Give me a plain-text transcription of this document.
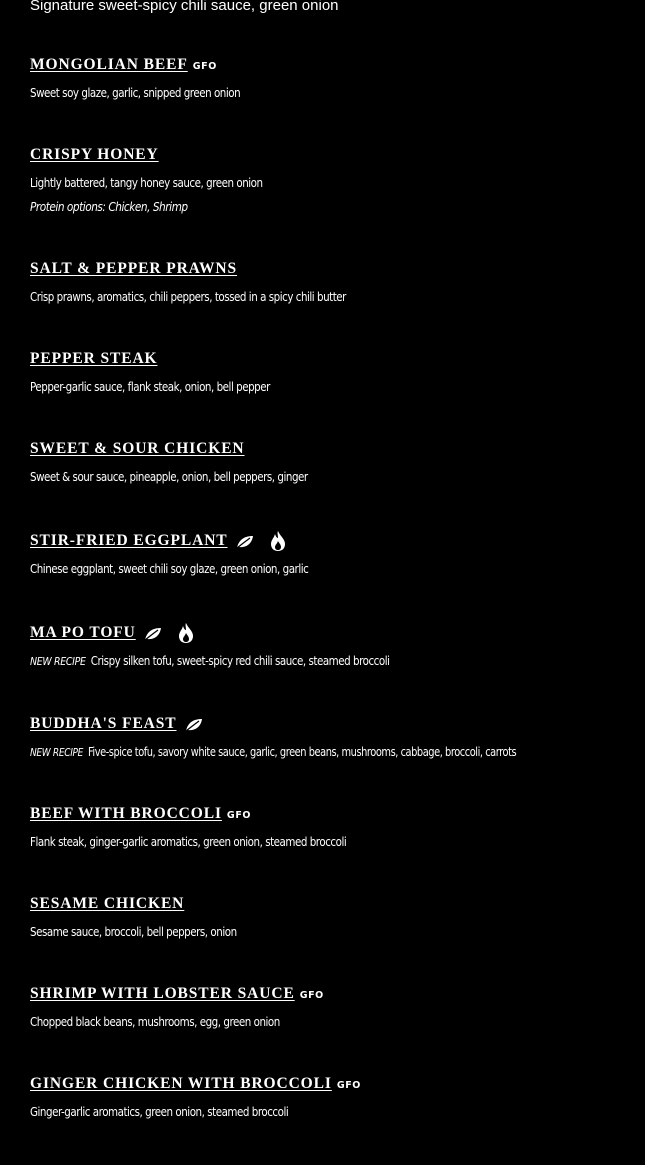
Signature sweet-spicy chili sauce, green onion
MONGOLIAN BEEF GFO
Sweet soy glaze, garlic, snipped green onion
CRISPY HONEY
Lightly battered, tangy honey sauce, green onion
Protein options: Chicken, Shrimp
SALT & PEPPER PRAWNS
Crisp prawns, aromatics, chili peppers, tossed in a spicy chili butter
PEPPER STEAK
Pepper-garlic sauce, flank steak, onion, bell pepper
SWEET & SOUR CHICKEN
Sweet & sour sauce, pineapple, onion, bell peppers, ginger
STIR-FRIED EGGPLANT
Chinese eggplant, sweet chili soy glaze, green onion, garlic
MA PO TOFU
NEW RECIPE Crispy silken tofu, sweet-spicy red chili sauce, steamed broccoli
BUDDHA'S FEAST
NEW RECIPE Five-spice tofu, savory white sauce, garlic, green beans, mushrooms, cabbage, broccoli, carrots
BEEF WITH BROCCOLI GFO
Flank steak, ginger-garlic aromatics, green onion, steamed broccoli
SESAME CHICKEN
Sesame sauce, broccoli, bell peppers, onion
SHRIMP WITH LOBSTER SAUCE GFO
Chopped black beans, mushrooms, egg, green onion
GINGER CHICKEN WITH BROCCOLI GFO
Ginger-garlic aromatics, green onion, steamed broccoli
